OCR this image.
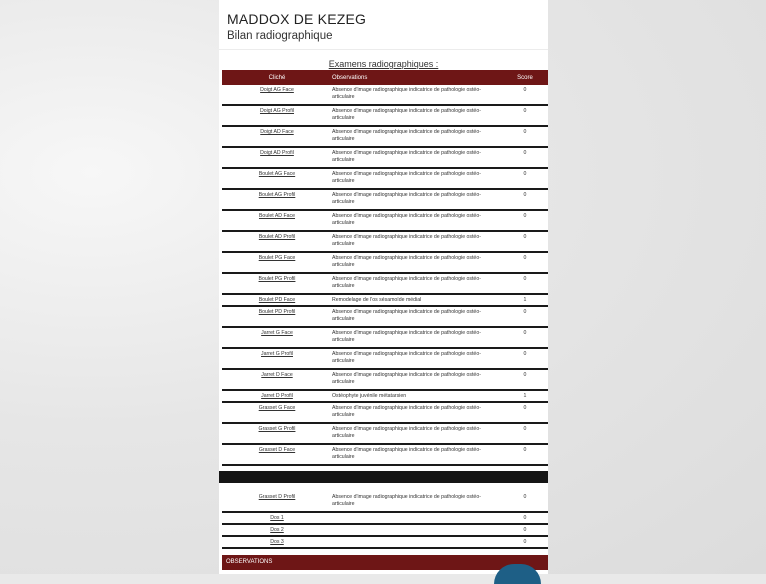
MADDOX DE KEZEG
Bilan radiographique
Examens radiographiques :
Cliché	Observations	Score
Doigt AG Face	Absence d'image radiographique indicatrice de pathologie ostéo-articulaire	0
Doigt AG Profil	Absence d'image radiographique indicatrice de pathologie ostéo-articulaire	0
Doigt AD Face	Absence d'image radiographique indicatrice de pathologie ostéo-articulaire	0
Doigt AD Profil	Absence d'image radiographique indicatrice de pathologie ostéo-articulaire	0
Boulet AG Face	Absence d'image radiographique indicatrice de pathologie ostéo-articulaire	0
Boulet AG Profil	Absence d'image radiographique indicatrice de pathologie ostéo-articulaire	0
Boulet AD Face	Absence d'image radiographique indicatrice de pathologie ostéo-articulaire	0
Boulet AD Profil	Absence d'image radiographique indicatrice de pathologie ostéo-articulaire	0
Boulet PG Face	Absence d'image radiographique indicatrice de pathologie ostéo-articulaire	0
Boulet PG Profil	Absence d'image radiographique indicatrice de pathologie ostéo-articulaire	0
Boulet PD Face	Remodelage de l'os sésamoïde médial	1
Boulet PD Profil	Absence d'image radiographique indicatrice de pathologie ostéo-articulaire	0
Jarret G Face	Absence d'image radiographique indicatrice de pathologie ostéo-articulaire	0
Jarret G Profil	Absence d'image radiographique indicatrice de pathologie ostéo-articulaire	0
Jarret D Face	Absence d'image radiographique indicatrice de pathologie ostéo-articulaire	0
Jarret D Profil	Ostéophyte juvénile métatarsien	1
Grasset G Face	Absence d'image radiographique indicatrice de pathologie ostéo-articulaire	0
Grasset G Profil	Absence d'image radiographique indicatrice de pathologie ostéo-articulaire	0
Grasset D Face	Absence d'image radiographique indicatrice de pathologie ostéo-articulaire	0
Grasset D Profil	Absence d'image radiographique indicatrice de pathologie ostéo-articulaire	0
Dos 1		0
Dos 2		0
Dos 3		0
OBSERVATIONS
